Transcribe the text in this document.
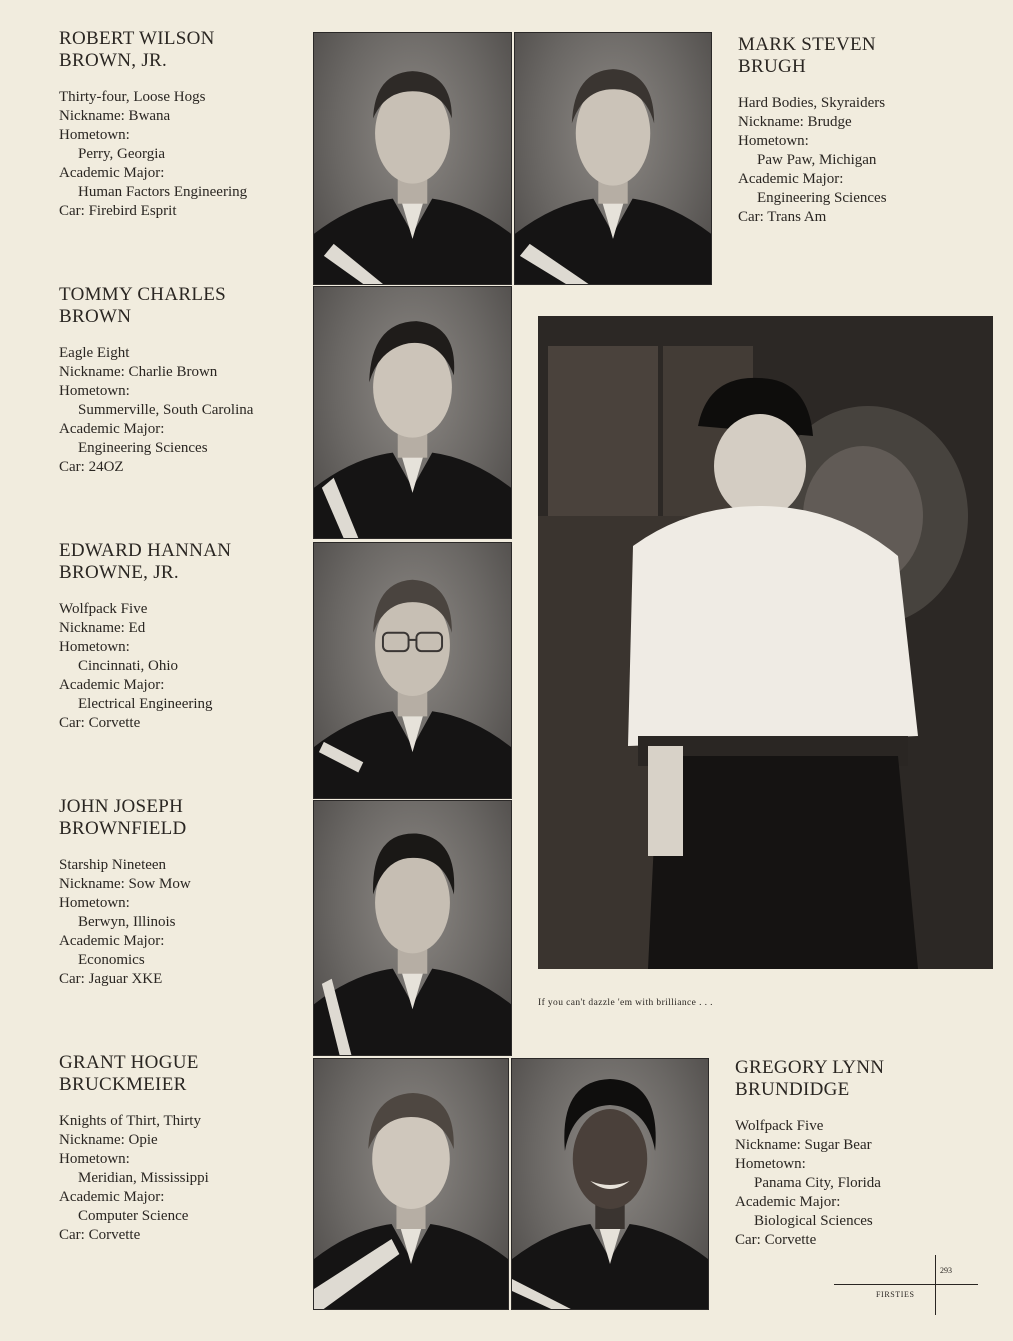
ROBERT WILSON
BROWN, JR.
Thirty-four, Loose Hogs
Nickname: Bwana
Hometown:
Perry, Georgia
Academic Major:
Human Factors Engineering
Car: Firebird Esprit
MARK STEVEN
BRUGH
Hard Bodies, Skyraiders
Nickname: Brudge
Hometown:
Paw Paw, Michigan
Academic Major:
Engineering Sciences
Car: Trans Am
TOMMY CHARLES
BROWN
Eagle Eight
Nickname: Charlie Brown
Hometown:
Summerville, South Carolina
Academic Major:
Engineering Sciences
Car: 24OZ
EDWARD HANNAN
BROWNE, JR.
Wolfpack Five
Nickname: Ed
Hometown:
Cincinnati, Ohio
Academic Major:
Electrical Engineering
Car: Corvette
JOHN JOSEPH
BROWNFIELD
Starship Nineteen
Nickname: Sow Mow
Hometown:
Berwyn, Illinois
Academic Major:
Economics
Car: Jaguar XKE
GRANT HOGUE
BRUCKMEIER
Knights of Thirt, Thirty
Nickname: Opie
Hometown:
Meridian, Mississippi
Academic Major:
Computer Science
Car: Corvette
GREGORY LYNN
BRUNDIDGE
Wolfpack Five
Nickname: Sugar Bear
Hometown:
Panama City, Florida
Academic Major:
Biological Sciences
Car: Corvette
If you can't dazzle 'em with brilliance . . .
293
FIRSTIES
